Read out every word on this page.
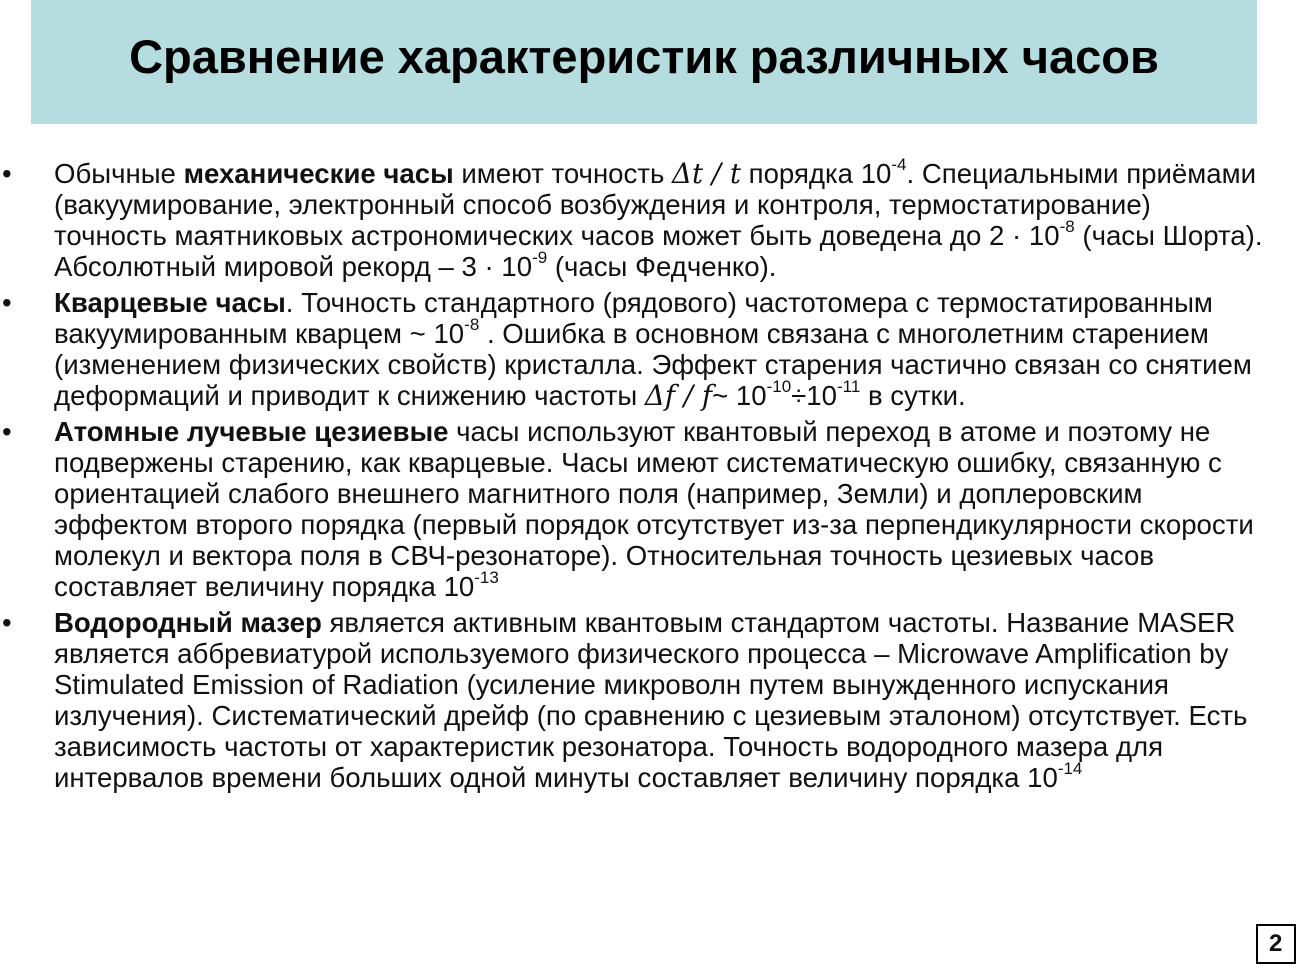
Сравнение характеристик различных часов
• Обычные механические часы имеют точность Δt / t порядка $10^{-4}$. Специальными приёмами (вакуумирование, электронный способ возбуждения и контроля, термостатирование) точность маятниковых астрономических часов может быть доведена до $2 \cdot 10^{-8}$ (часы Шорта). Абсолютный мировой рекорд – $3 \cdot 10^{-9}$ (часы Федченко).
• Кварцевые часы. Точность стандартного (рядового) частотомера с термостатированным вакуумированным кварцем ~ $10^{-8}$ . Ошибка в основном связана с многолетним старением (изменением физических свойств) кристалла. Эффект старения частично связан со снятием деформаций и приводит к снижению частоты Δf / f~ $10^{-10}\div 10^{-11}$ в сутки.
• Атомные лучевые цезиевые часы используют квантовый переход в атоме и поэтому не подвержены старению, как кварцевые. Часы имеют систематическую ошибку, связанную с ориентацией слабого внешнего магнитного поля (например, Земли) и доплеровским эффектом второго порядка (первый порядок отсутствует из-за перпендикулярности скорости молекул и вектора поля в СВЧ-резонаторе). Относительная точность цезиевых часов составляет величину порядка $10^{-13}$
• Водородный мазер является активным квантовым стандартом частоты. Название MASER является аббревиатурой используемого физического процесса – Microwave Amplification by Stimulated Emission of Radiation (усиление микроволн путем вынужденного испускания излучения). Систематический дрейф (по сравнению с цезиевым эталоном) отсутствует. Есть зависимость частоты от характеристик резонатора. Точность водородного мазера для интервалов времени больших одной минуты составляет величину порядка $10^{-14}$
2
